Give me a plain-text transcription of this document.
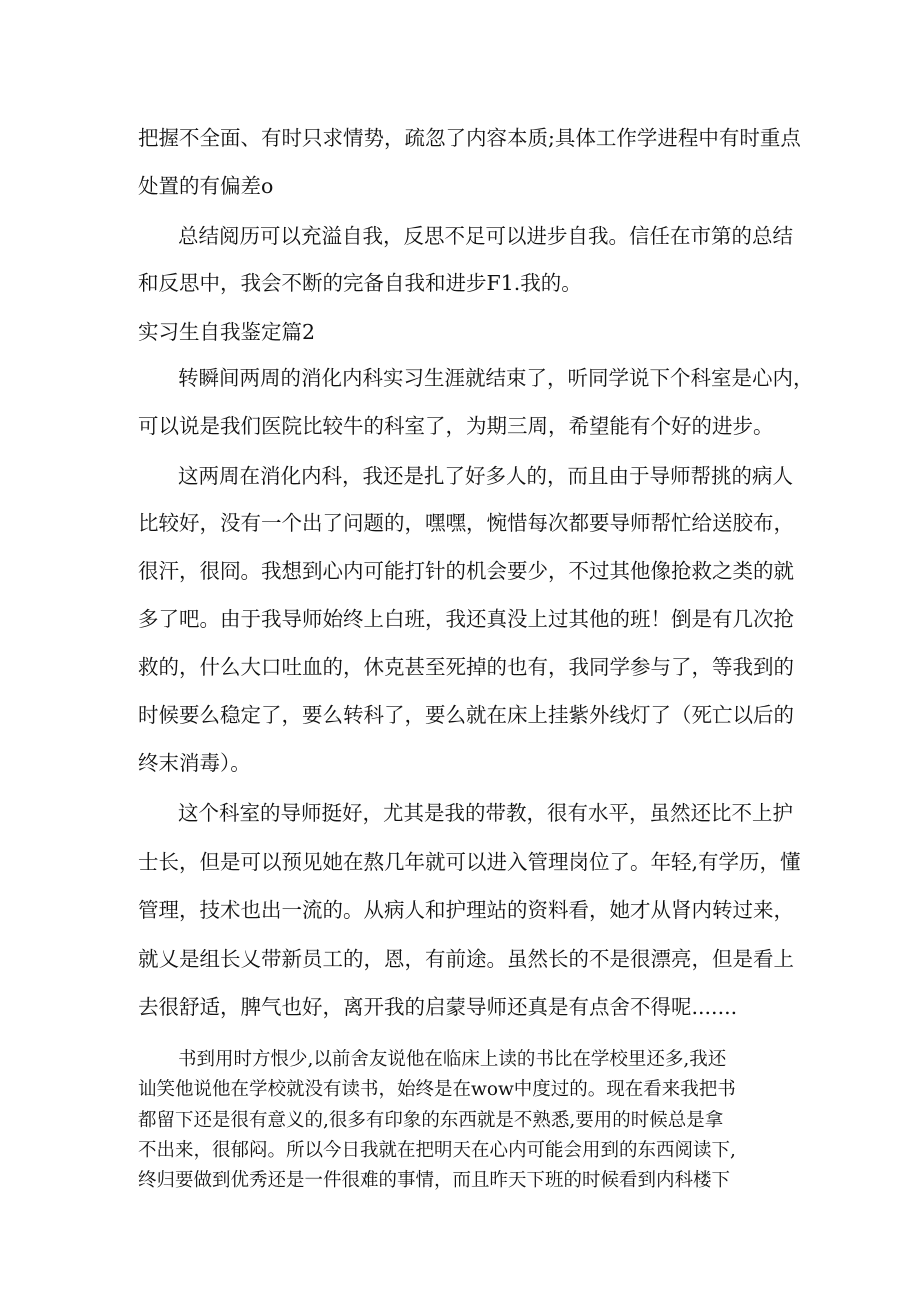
把握不全面、有时只求情势，疏忽了内容本质;具体工作学进程中有时重点
处置的有偏差o
总结阅历可以充溢自我，反思不足可以进步自我。信任在市第的总结
和反思中，我会不断的完备自我和进步F1.我的。
实习生自我鉴定篇2
转瞬间两周的消化内科实习生涯就结束了，听同学说下个科室是心内，
可以说是我们医院比较牛的科室了，为期三周，希望能有个好的进步。
这两周在消化内科，我还是扎了好多人的，而且由于导师帮挑的病人
比较好，没有一个出了问题的，嘿嘿，惋惜每次都要导师帮忙给送胶布，
很汗，很冏。我想到心内可能打针的机会要少，不过其他像抢救之类的就
多了吧。由于我导师始终上白班，我还真没上过其他的班！倒是有几次抢
救的，什么大口吐血的，休克甚至死掉的也有，我同学参与了，等我到的
时候要么稳定了，要么转科了，要么就在床上挂紫外线灯了（死亡以后的
终末消毒）。
这个科室的导师挺好，尤其是我的带教，很有水平，虽然还比不上护
士长，但是可以预见她在熬几年就可以进入管理岗位了。年轻,有学历，懂
管理，技术也出一流的。从病人和护理站的资料看，她才从肾内转过来，
就乂是组长乂带新员工的，恩，有前途。虽然长的不是很漂亮，但是看上
去很舒适，脾气也好，离开我的启蒙导师还真是有点舍不得呢.......
书到用时方恨少,以前舍友说他在临床上读的书比在学校里还多,我还
讪笑他说他在学校就没有读书，始终是在wow中度过的。现在看来我把书
都留下还是很有意义的,很多有印象的东西就是不熟悉,要用的时候总是拿
不出来，很郁闷。所以今日我就在把明天在心内可能会用到的东西阅读下,
终归要做到优秀还是一件很难的事情，而且昨天下班的时候看到内科楼下
